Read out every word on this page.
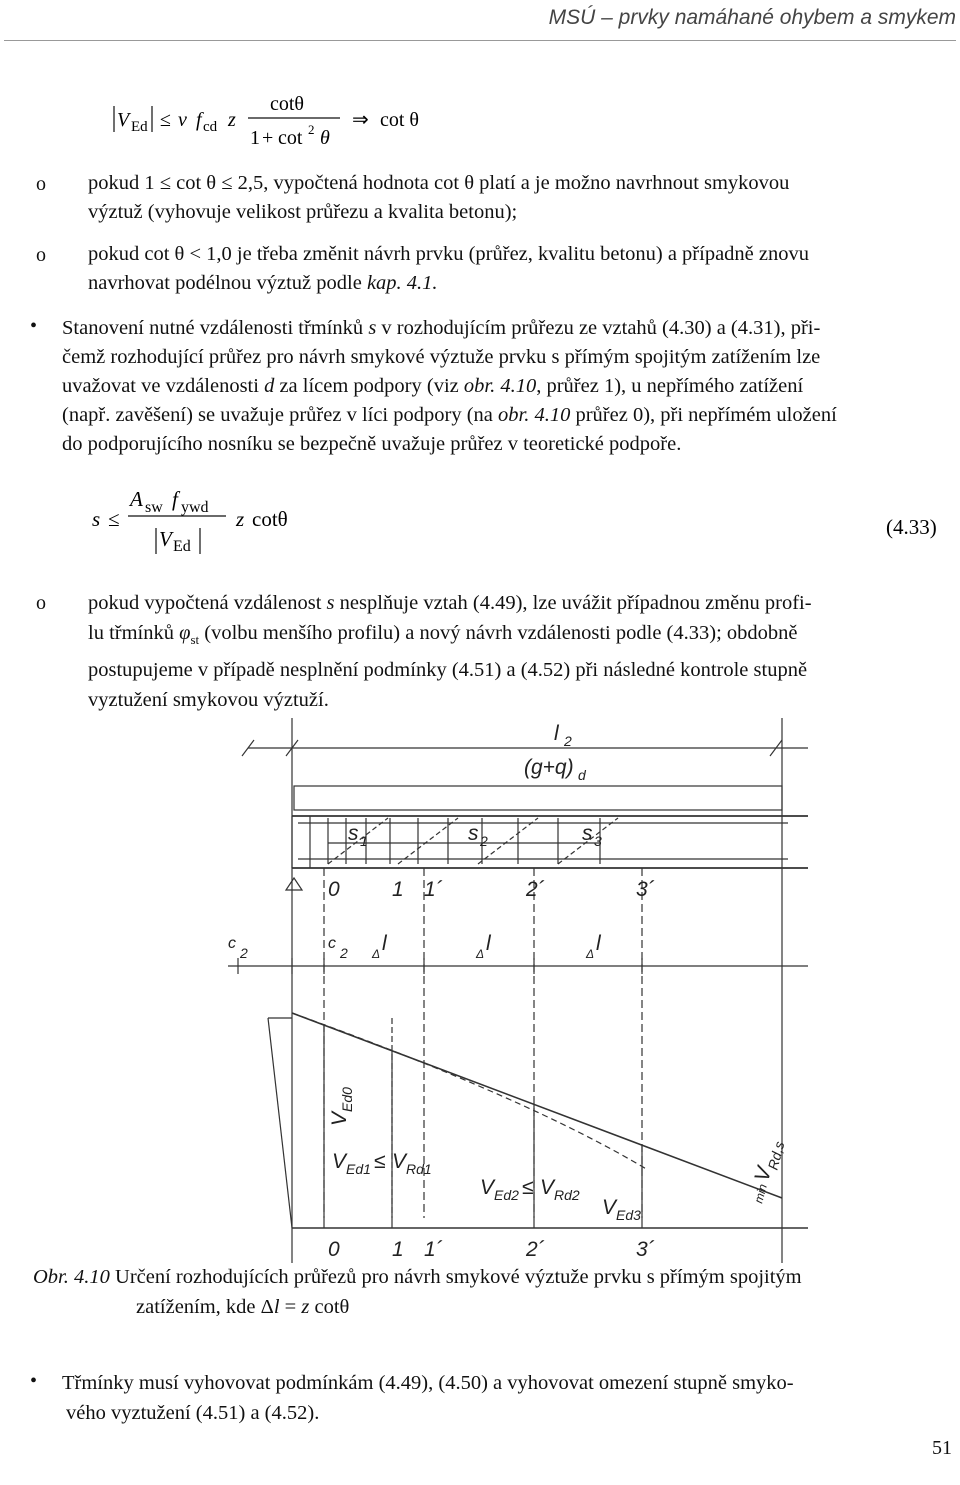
MSÚ – prvky namáhané ohybem a smykem
V Ed ≤ ν f cd z
cotθ
1 + cot 2 θ
⇒ cot θ
o pokud 1 ≤ cot θ ≤ 2,5, vypočtená hodnota cot θ platí a je možno navrhnout smykovou
výztuž (vyhovuje velikost průřezu a kvalita betonu);
o pokud cot θ < 1,0 je třeba změnit návrh prvku (průřez, kvalitu betonu) a případně znovu
navrhovat podélnou výztuž podle kap. 4.1.
• Stanovení nutné vzdálenosti třmínků s v rozhodujícím průřezu ze vztahů (4.30) a (4.31), při-
čemž rozhodující průřez pro návrh smykové výztuže prvku s přímým spojitým zatížením lze
uvažovat ve vzdálenosti d za lícem podpory (viz obr. 4.10, průřez 1), u nepřímého zatížení
(např. zavěšení) se uvažuje průřez v líci podpory (na obr. 4.10 průřez 0), při nepřímém uložení
do podporujícího nosníku se bezpečně uvažuje průřez v teoretické podpoře.
s ≤
A sw f ywd
V Ed
z cotθ	(4.33)
o pokud vypočtená vzdálenost s nesplňuje vztah (4.49), lze uvážit případnou změnu profi-
lu třmínků $\varphi_{st}$ (volbu menšího profilu) a nový návrh vzdálenosti podle (4.33); obdobně
postupujeme v případě nesplnění podmínky (4.51) a (4.52) při následné kontrole stupně
vyztužení smykovou výztuží.
l 2
(g+q) d
s 1	s 2	s 3
0 1 1´	2´	3´
c
2
c
2 Δ l	Δ l	Δ l
V
Ed0
V Ed1 ≤ V Rd1
V Ed2 ≤ V Rd2
V Ed3
min
V
Rd,s
0 1 1´	2´	3´
Obr. 4.10 Určení rozhodujících průřezů pro návrh smykové výztuže prvku s přímým spojitým
zatížením, kde Δl = z cotθ
• Třmínky musí vyhovovat podmínkám (4.49), (4.50) a vyhovovat omezení stupně smyko-
vého vyztužení (4.51) a (4.52).
51
